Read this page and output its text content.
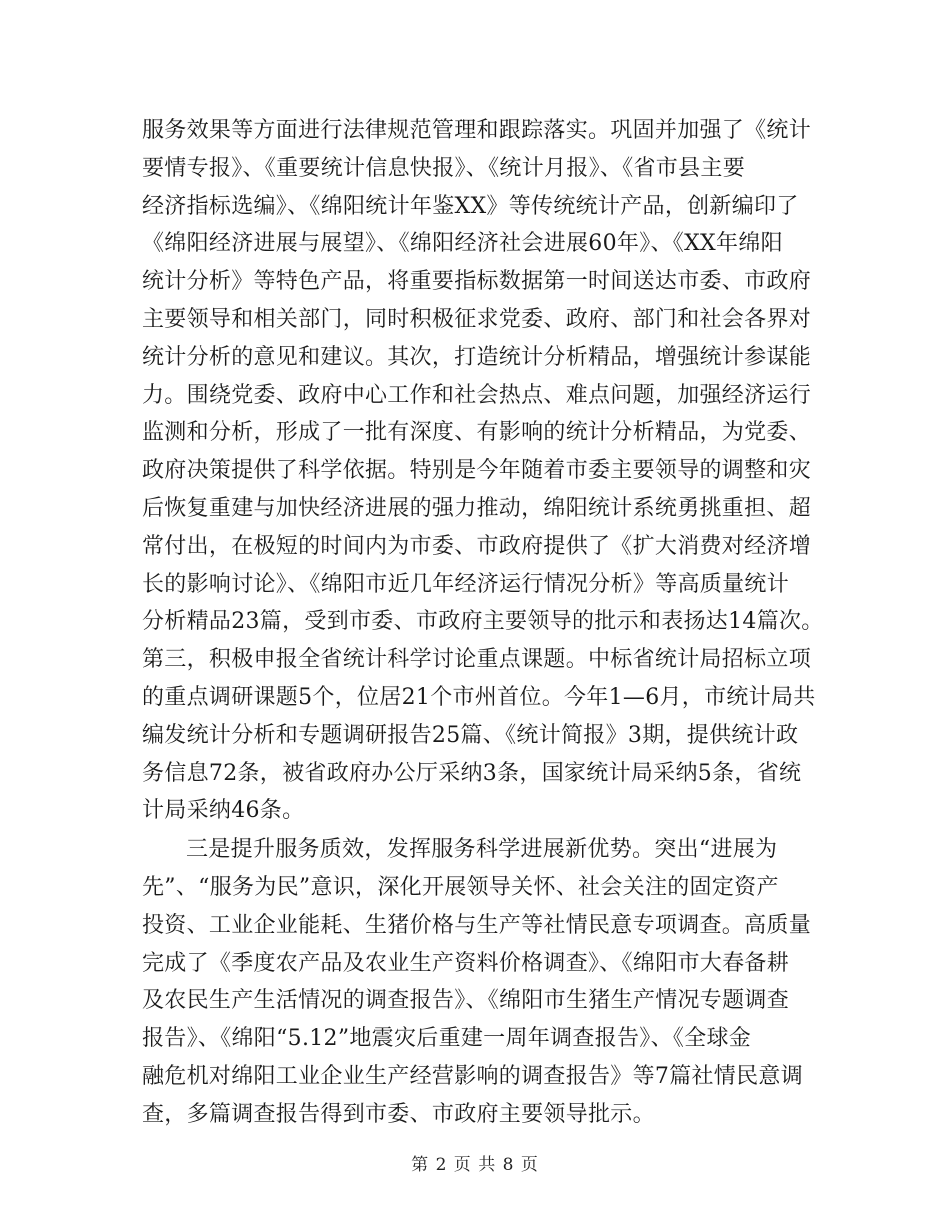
服务效果等方面进行法律规范管理和跟踪落实。巩固并加强了《统计
要情专报》、《重要统计信息快报》、《统计月报》、《省市县主要
经济指标选编》、《绵阳统计年鉴XX》等传统统计产品，创新编印了
《绵阳经济进展与展望》、《绵阳经济社会进展60年》、《XX年绵阳
统计分析》等特色产品，将重要指标数据第一时间送达市委、市政府
主要领导和相关部门，同时积极征求党委、政府、部门和社会各界对
统计分析的意见和建议。其次，打造统计分析精品，增强统计参谋能
力。围绕党委、政府中心工作和社会热点、难点问题，加强经济运行
监测和分析，形成了一批有深度、有影响的统计分析精品，为党委、
政府决策提供了科学依据。特别是今年随着市委主要领导的调整和灾
后恢复重建与加快经济进展的强力推动，绵阳统计系统勇挑重担、超
常付出，在极短的时间内为市委、市政府提供了《扩大消费对经济增
长的影响讨论》、《绵阳市近几年经济运行情况分析》等高质量统计
分析精品23篇，受到市委、市政府主要领导的批示和表扬达14篇次。
第三，积极申报全省统计科学讨论重点课题。中标省统计局招标立项
的重点调研课题5个，位居21个市州首位。今年1—6月，市统计局共
编发统计分析和专题调研报告25篇、《统计简报》3期，提供统计政
务信息72条，被省政府办公厅采纳3条，国家统计局采纳5条，省统
计局采纳46条。
三是提升服务质效，发挥服务科学进展新优势。突出“进展为
先”、“服务为民”意识，深化开展领导关怀、社会关注的固定资产
投资、工业企业能耗、生猪价格与生产等社情民意专项调查。高质量
完成了《季度农产品及农业生产资料价格调查》、《绵阳市大春备耕
及农民生产生活情况的调查报告》、《绵阳市生猪生产情况专题调查
报告》、《绵阳“5.12”地震灾后重建一周年调查报告》、《全球金
融危机对绵阳工业企业生产经营影响的调查报告》等7篇社情民意调
查，多篇调查报告得到市委、市政府主要领导批示。
第 2 页 共 8 页
